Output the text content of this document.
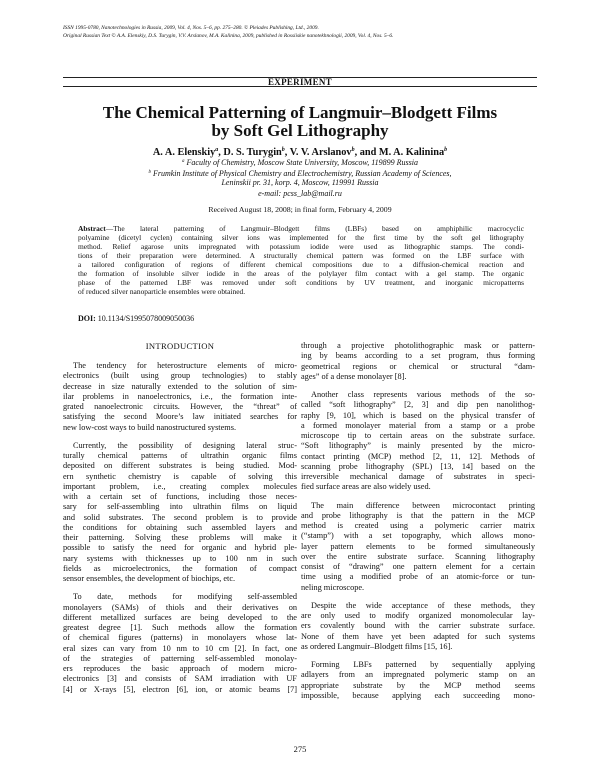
ISSN 1995-0780, Nanotechnologies in Russia, 2009, Vol. 4, Nos. 5–6, pp. 275–280. © Pleiades Publishing, Ltd., 2009.
Original Russian Text © A.A. Elenskiy, D.S. Turygin, V.V. Arslanov, M.A. Kalinina, 2009, published in Rossiiskie nanotekhnologii, 2009, Vol. 4, Nos. 5–6.
EXPERIMENT
The Chemical Patterning of Langmuir–Blodgett Films
by Soft Gel Lithography
A. A. Elenskiy$^a$, D. S. Turygin$^b$, V. V. Arslanov$^b$, and M. A. Kalinina$^b$
$^a$ Faculty of Chemistry, Moscow State University, Moscow, 119899 Russia
$^b$ Frumkin Institute of Physical Chemistry and Electrochemistry, Russian Academy of Sciences,
Leninskii pr. 31, korp. 4, Moscow, 119991 Russia
e-mail: pcss_lab@mail.ru
Received August 18, 2008; in final form, February 4, 2009
Abstract—The lateral patterning of Langmuir–Blodgett films (LBFs) based on amphiphilic macrocyclic
polyamine (dicetyl cyclen) containing silver ions was implemented for the first time by the soft gel lithography
method. Relief agarose units impregnated with potassium iodide were used as lithographic stamps. The condi-
tions of their preparation were determined. A structurally chemical pattern was formed on the LBF surface with
a tailored configuration of regions of different chemical compositions due to a diffusion-chemical reaction and
the formation of insoluble silver iodide in the areas of the polylayer film contact with a gel stamp. The organic
phase of the patterned LBF was removed under soft conditions by UV treatment, and inorganic micropatterns
of reduced silver nanoparticle ensembles were obtained.
DOI: 10.1134/S1995078009050036
INTRODUCTION
The tendency for heterostructure elements of micro-
electronics (built using group technologies) to stably
decrease in size naturally extended to the solution of sim-
ilar problems in nanoelectronics, i.e., the formation inte-
grated nanoelectronic circuits. However, the “threat” of
satisfying the second Moore’s law initiated searches for
new low-cost ways to build nanostructured systems.
Currently, the possibility of designing lateral struc-
turally chemical patterns of ultrathin organic films
deposited on different substrates is being studied. Mod-
ern synthetic chemistry is capable of solving this
important problem, i.e., creating complex molecules
with a certain set of functions, including those neces-
sary for self-assembling into ultrathin films on liquid
and solid substrates. The second problem is to provide
the conditions for obtaining such assembled layers and
their patterning. Solving these problems will make it
possible to satisfy the need for organic and hybrid ple-
nary systems with thicknesses up to 100 nm in such
fields as microelectronics, the formation of compact
sensor ensembles, the development of biochips, etc.
To date, methods for modifying self-assembled
monolayers (SAMs) of thiols and their derivatives on
different metallized surfaces are being developed to the
greatest degree [1]. Such methods allow the formation
of chemical figures (patterns) in monolayers whose lat-
eral sizes can vary from 10 nm to 10 cm [2]. In fact, one
of the strategies of patterning self-assembled monolay-
ers reproduces the basic approach of modern micro-
electronics [3] and consists of SAM irradiation with UF
[4] or X-rays [5], electron [6], ion, or atomic beams [7]
through a projective photolithographic mask or pattern-
ing by beams according to a set program, thus forming
geometrical regions or chemical or structural “dam-
ages” of a dense monolayer [8].
Another class represents various methods of the so-
called “soft lithography” [2, 3] and dip pen nanolithog-
raphy [9, 10], which is based on the physical transfer of
a formed monolayer material from a stamp or a probe
microscope tip to certain areas on the substrate surface.
“Soft lithography” is mainly presented by the micro-
contact printing (MCP) method [2, 11, 12]. Methods of
scanning probe lithography (SPL) [13, 14] based on the
irreversible mechanical damage of substrates in speci-
fied surface areas are also widely used.
The main difference between microcontact printing
and probe lithography is that the pattern in the MCP
method is created using a polymeric carrier matrix
(“stamp”) with a set topography, which allows mono-
layer pattern elements to be formed simultaneously
over the entire substrate surface. Scanning lithography
consist of “drawing” one pattern element for a certain
time using a modified probe of an atomic-force or tun-
neling microscope.
Despite the wide acceptance of these methods, they
are only used to modify organized monomolecular lay-
ers covalently bound with the carrier substrate surface.
None of them have yet been adapted for such systems
as ordered Langmuir–Blodgett films [15, 16].
Forming LBFs patterned by sequentially applying
adlayers from an impregnated polymeric stamp on an
appropriate substrate by the MCP method seems
impossible, because applying each succeeding mono-
275
